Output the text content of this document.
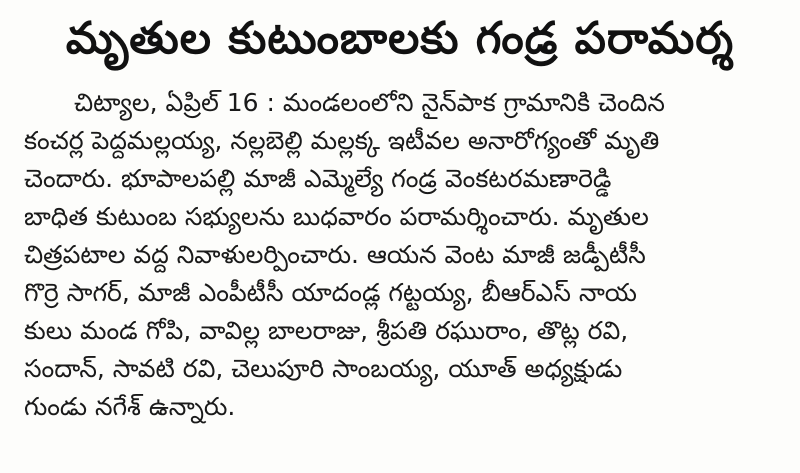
మృతుల కుటుంబాలకు గండ్ర పరామర్శ
చిట్యాల, ఏప్రిల్ 16 : మండలంలోని నైన్‌పాక గ్రామానికి చెందిన
కంచర్ల పెద్దమల్లయ్య, నల్లబెల్లి మల్లక్క ఇటీవల అనారోగ్యంతో మృతి
చెందారు. భూపాలపల్లి మాజీ ఎమ్మెల్యే గండ్ర వెంకటరమణారెడ్డి
బాధిత కుటుంబ సభ్యులను బుధవారం పరామర్శించారు. మృతుల
చిత్రపటాల వద్ద నివాళులర్పించారు. ఆయన వెంట మాజీ జడ్పీటీసీ
గొర్రె సాగర్, మాజీ ఎంపీటీసీ యాదండ్ల గట్టయ్య, బీఆర్ఎస్ నాయ
కులు మండ గోపి, వావిల్ల బాలరాజు, శ్రీపతి రఘురాం, తొట్ల రవి,
సందాన్, సావటి రవి, చెలుపూరి సాంబయ్య, యూత్ అధ్యక్షుడు
గుండు నగేశ్ ఉన్నారు.
